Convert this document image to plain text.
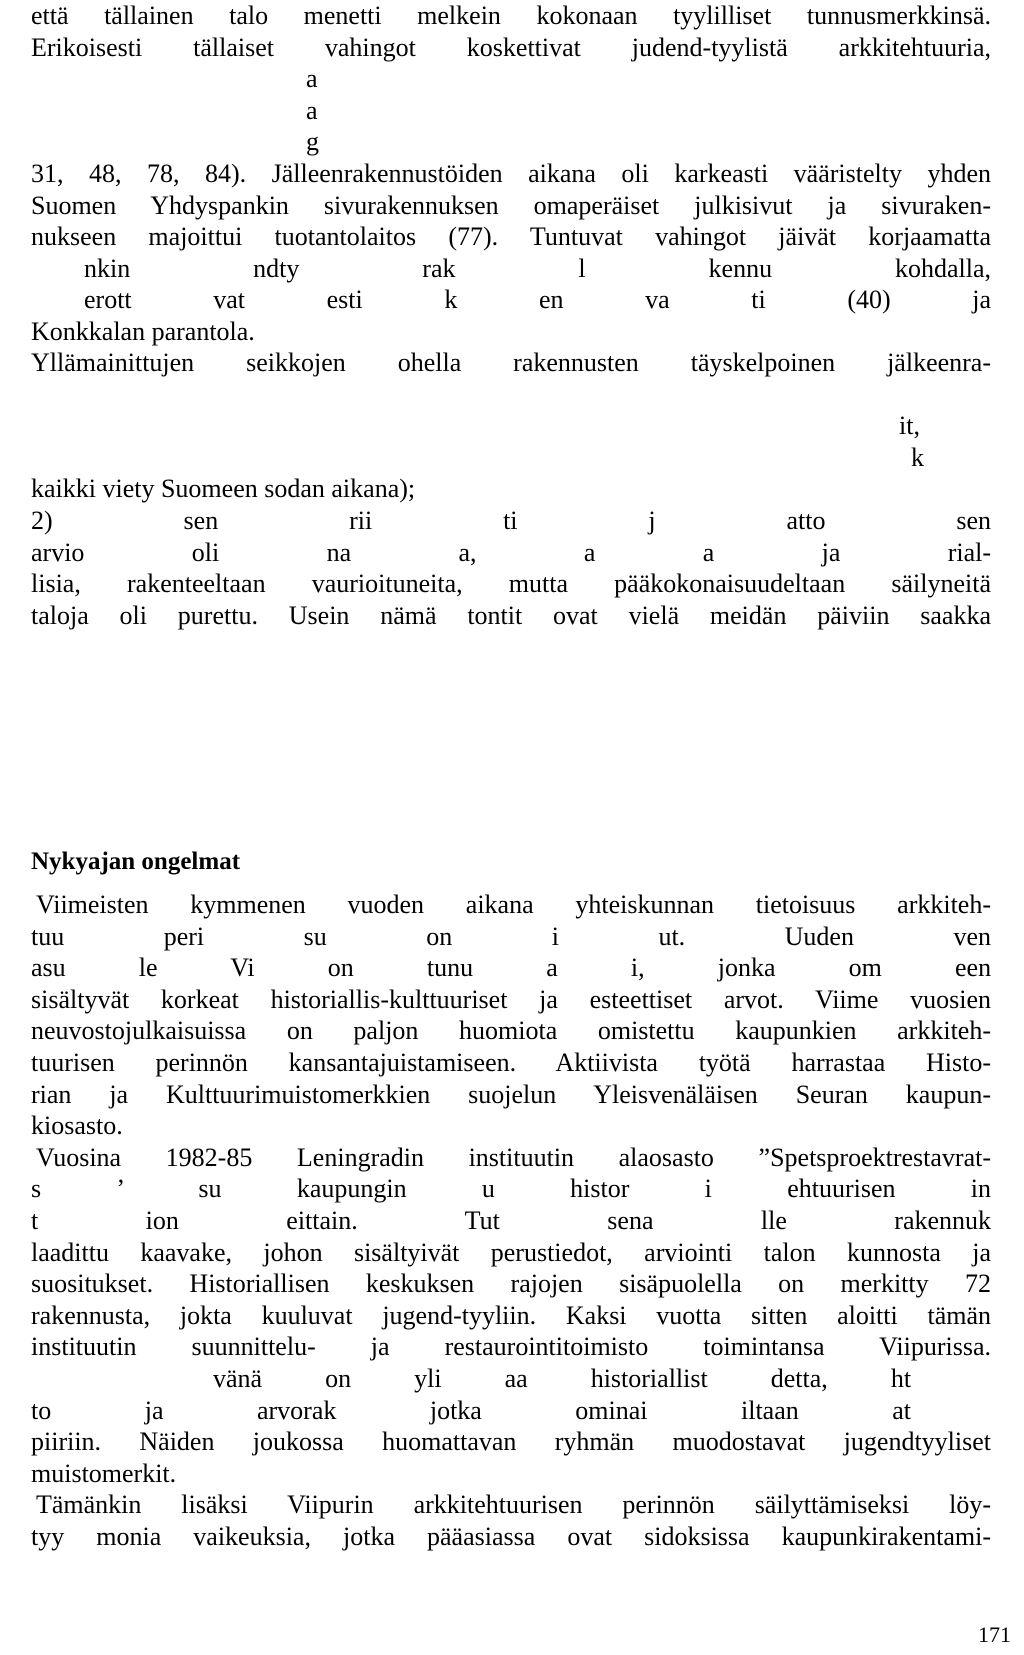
että tällainen talo menetti melkein kokonaan tyylilliset tunnusmerkkinsä.
Erikoisesti tällaiset vahingot koskettivat judend-tyylistä arkkitehtuuria,
a
a
g
31, 48, 78, 84). Jälleenrakennustöiden aikana oli karkeasti vääristelty yhden
Suomen Yhdyspankin sivurakennuksen omaperäiset julkisivut ja sivuraken-
nukseen majoittui tuotantolaitos (77). Tuntuvat vahingot jäivät korjaamatta
nkin	ndty	rak	l	kennu	kohdalla,
erott	vat	esti	k	en va	ti (40) ja
Konkkalan parantola.
Yllämainittujen seikkojen ohella rakennusten täyskelpoinen jälkeenra-
it,
k
kaikki viety Suomeen sodan aikana);
2)	sen	rii	ti	j	atto	sen
arvio	oli	na	a,	a	a ja	rial-
lisia, rakenteeltaan vaurioituneita, mutta pääkokonaisuudeltaan säilyneitä
taloja oli purettu. Usein nämä tontit ovat vielä meidän päiviin saakka
Nykyajan ongelmat
Viimeisten kymmenen vuoden aikana yhteiskunnan tietoisuus arkkiteh-
tuu	peri	su	on	i	ut. Uuden	ven
asu	le Vi	on	tunu	a	i, jonka om	een
sisältyvät korkeat historiallis-kulttuuriset ja esteettiset arvot. Viime vuosien
neuvostojulkaisuissa on paljon huomiota omistettu kaupunkien arkkiteh-
tuurisen perinnön kansantajuistamiseen. Aktiivista työtä harrastaa Histo-
rian ja Kulttuurimuistomerkkien suojelun Yleisvenäläisen Seuran kaupun-
kiosasto.
Vuosina 1982-85 Leningradin instituutin alaosasto ”Spetsproektrestavrat-
s	’ su	kaupungin	u	histor	i	ehtuurisen in
t	ion	eittain. Tut	sena	lle rakennuk
laadittu kaavake, johon sisältyivät perustiedot, arviointi talon kunnosta ja
suositukset. Historiallisen keskuksen rajojen sisäpuolella on merkitty 72
rakennusta, jokta kuuluvat jugend-tyyliin. Kaksi vuotta sitten aloitti tämän
instituutin suunnittelu- ja restaurointitoimisto toimintansa Viipurissa.
vänä on yli aa historiallist detta, ht
to	ja arvorak	jotka ominai	iltaan	at
piiriin. Näiden joukossa huomattavan ryhmän muodostavat jugendtyyliset
muistomerkit.
Tämänkin lisäksi Viipurin arkkitehtuurisen perinnön säilyttämiseksi löy-
tyy monia vaikeuksia, jotka pääasiassa ovat sidoksissa kaupunkirakentami-
171
